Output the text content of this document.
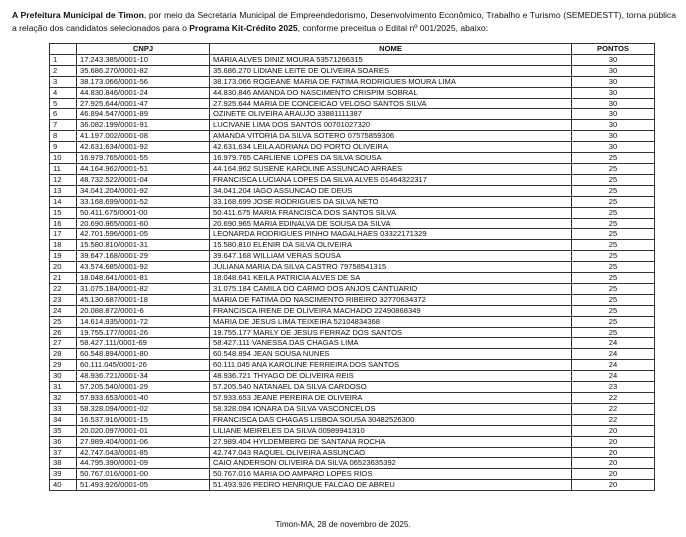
A Prefeitura Municipal de Timon, por meio da Secretaria Municipal de Empreendedorismo, Desenvolvimento Econômico, Trabalho e Turismo (SEMEDESTT), torna pública a relação dos candidatos selecionados para o Programa Kit-Crédito 2025, conforme preceitua o Edital nº 001/2025, abaixo:
	CNPJ	NOME	PONTOS
1	17.243.385/0001-10	MARIA ALVES DINIZ MOURA 53571266315	30
2	35.686.270/0001-82	35.686.270 LIDIANE LEITE DE OLIVEIRA SOARES	30
3	38.173.066/0001-56	38.173.066 ROGEANE MARIA DE FATIMA RODRIGUES MOURA LIMA	30
4	44.830.846/0001-24	44.830.846 AMANDA DO NASCIMENTO CRISPIM SOBRAL	30
5	27.925.644/0001-47	27.925.644 MARIA DE CONCEICAO VELOSO SANTOS SILVA	30
6	46.894.547/0001-89	OZINETE OLIVEIRA ARAUJO 33881111387	30
7	36.082.199/0001-91	LUCIVANE LIMA DOS SANTOS 00701027320	30
8	41.197.002/0001-08	AMANDA VITORIA DA SILVA SOTERO 07575859306	30
9	42.631.634/0001-92	42.631.634 LEILA ADRIANA DO PORTO OLIVEIRA	30
10	16.979.765/0001-55	16.979.765 CARLIENE LOPES DA SILVA SOUSA	25
11	44.164.962/0001-51	44.164.962 SUSENE KAROLINE ASSUNCAO ARRAES	25
12	48.732.522/0001-04	FRANCISCA LUCIANA LOPES DA SILVA ALVES 01464322317	25
13	34.041.204/0001-92	34.041.204 IAGO ASSUNCAO DE DEUS	25
14	33.168.699/0001-52	33.168.699 JOSE RODRIGUES DA SILVA NETO	25
15	50.411.675/0001-00	50.411.675 MARIA FRANCISCA DOS SANTOS SILVA	25
16	20.690.965/0001-60	20.690.965 MARIA EDINALVA DE SOUSA DA SILVA	25
17	42.701.596/0001-05	LEONARDA RODRIGUES PINHO MAGALHAES 03322171329	25
18	15.580.810/0001-31	15.580.810 ELENIR DA SILVA OLIVEIRA	25
19	39.647.168/0001-29	39.647.168 WILLIAM VERAS SOUSA	25
20	43.574.685/0001-92	JULIANA MARIA DA SILVA CASTRO 79758541315	25
21	18.048.641/0001-81	18.048.641 KEILA PATRICIA ALVES DE SA	25
22	31.075.184/0001-82	31.075.184 CAMILA DO CARMO DOS ANJOS CANTUARIO	25
23	45.130.687/0001-18	MARIA DE FATIMA DO NASCIMENTO RIBEIRO 32770634372	25
24	20.088.872/0001-6	FRANCISCA IRENE DE OLIVEIRA MACHADO 22490868349	25
25	14.614.935/0001-72	MARIA DE JESUS LIMA TEIXEIRA 52104834368	25
26	19.755.177/0001-26	19.755.177 MARLY DE JESUS FERRAZ DOS SANTOS	25
27	58.427.111/0001-69	58.427.111 VANESSA DAS CHAGAS LIMA	24
28	60.548.894/0001-80	60.548.894 JEAN SOUSA NUNES	24
29	60.111.045/0001-26	60.111.045 ANA KAROLINE FERREIRA DOS SANTOS	24
30	48.936.721/0001-34	48.936.721 THYAGO DE OLIVEIRA REIS	24
31	57.205.540/0001-29	57.205.540 NATANAEL DA SILVA CARDOSO	23
32	57.933.653/0001-40	57.933.653 JEANE PEREIRA DE OLIVEIRA	22
33	58.328.094/0001-02	58.328.094 IONARA DA SILVA VASCONCELOS	22
34	16.537.916/0001-15	FRANCISCA DAS CHAGAS LISBOA SOUSA 30482526300	22
35	20.020.097/0001-01	LILIANE MEIRELES DA SILVA 00989941310	20
36	27.989.404/0001-06	27.989.404 HYLDEMBERG DE SANTANA ROCHA	20
37	42.747.043/0001-85	42.747.043 RAQUEL OLIVEIRA ASSUNCAO	20
38	44.795.390/0001-09	CAIO ANDERSON OLIVEIRA DA SILVA 06523635392	20
39	50.767.016/0001-00	50.767.016 MARIA DO AMPARO LOPES RIOS	20
40	51.493.926/0001-05	51.493.926 PEDRO HENRIQUE FALCAO DE ABREU	20
Timon-MA, 28 de novembro de 2025.
